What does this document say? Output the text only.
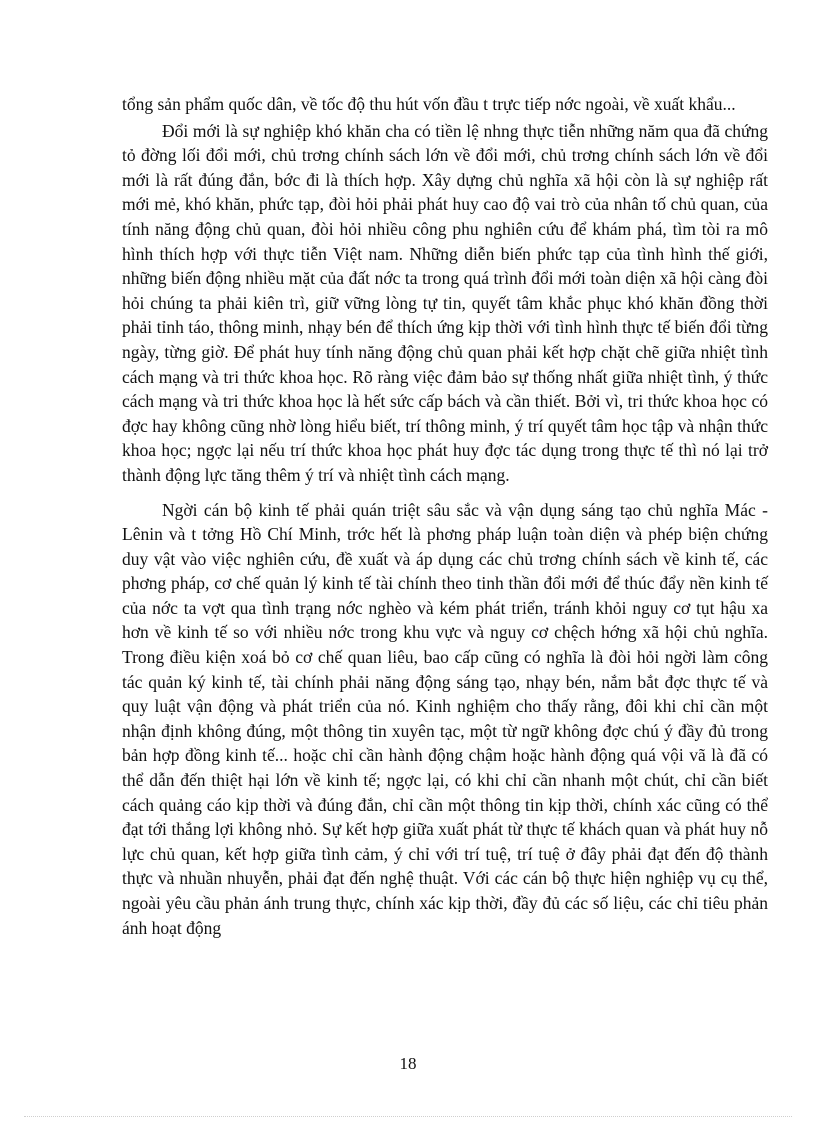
tổng sản phẩm quốc dân, về tốc độ thu hút vốn đầu t trực tiếp nớc ngoài, về xuất khẩu...

Đổi mới là sự nghiệp khó khăn cha có tiền lệ nhng thực tiễn những năm qua đã chứng tỏ đờng lối đổi mới, chủ trơng chính sách lớn về đổi mới, chủ trơng chính sách lớn về đổi mới là rất đúng đắn, bớc đi là thích hợp. Xây dựng chủ nghĩa xã hội còn là sự nghiệp rất mới mẻ, khó khăn, phức tạp, đòi hỏi phải phát huy cao độ vai trò của nhân tố chủ quan, của tính năng động chủ quan, đòi hỏi nhiều công phu nghiên cứu để khám phá, tìm tòi ra mô hình thích hợp với thực tiễn Việt nam. Những diễn biến phức tạp của tình hình thế giới, những biến động nhiều mặt của đất nớc ta trong quá trình đổi mới toàn diện xã hội càng đòi hỏi chúng ta phải kiên trì, giữ vững lòng tự tin, quyết tâm khắc phục khó khăn đồng thời phải tỉnh táo, thông minh, nhạy bén để thích ứng kịp thời với tình hình thực tế biến đổi từng ngày, từng giờ. Để phát huy tính năng động chủ quan phải kết hợp chặt chẽ giữa nhiệt tình cách mạng và tri thức khoa học. Rõ ràng việc đảm bảo sự thống nhất giữa nhiệt tình, ý thức cách mạng và tri thức khoa học là hết sức cấp bách và cần thiết. Bởi vì, tri thức khoa học có đợc hay không cũng nhờ lòng hiểu biết, trí thông minh, ý trí quyết tâm học tập và nhận thức khoa học; ngợc lại nếu trí thức khoa học phát huy đợc tác dụng trong thực tế thì nó lại trở thành động lực tăng thêm ý trí và nhiệt tình cách mạng.

Ngời cán bộ kinh tế phải quán triệt sâu sắc và vận dụng sáng tạo chủ nghĩa Mác - Lênin và t tởng Hồ Chí Minh, trớc hết là phơng pháp luận toàn diện và phép biện chứng duy vật vào việc nghiên cứu, đề xuất và áp dụng các chủ trơng chính sách về kinh tế, các phơng pháp, cơ chế quản lý kinh tế tài chính theo tinh thần đổi mới để thúc đẩy nền kinh tế của nớc ta vợt qua tình trạng nớc nghèo và kém phát triển, tránh khỏi nguy cơ tụt hậu xa hơn về kinh tế so với nhiều nớc trong khu vực và nguy cơ chệch hớng xã hội chủ nghĩa. Trong điều kiện xoá bỏ cơ chế quan liêu, bao cấp cũng có nghĩa là đòi hỏi ngời làm công tác quản ký kinh tế, tài chính phải năng động sáng tạo, nhạy bén, nắm bắt đợc thực tế và quy luật vận động và phát triển của nó. Kinh nghiệm cho thấy rằng, đôi khi chỉ cần một nhận định không đúng, một thông tin xuyên tạc, một từ ngữ không đợc chú ý đầy đủ trong bản hợp đồng kinh tế... hoặc chỉ cần hành động chậm hoặc hành động quá vội vã là đã có thể dẫn đến thiệt hại lớn về kinh tế; ngợc lại, có khi chỉ cần nhanh một chút, chỉ cần biết cách quảng cáo kịp thời và đúng đắn, chỉ cần một thông tin kịp thời, chính xác cũng có thể đạt tới thắng lợi không nhỏ. Sự kết hợp giữa xuất phát từ thực tế khách quan và phát huy nỗ lực chủ quan, kết hợp giữa tình cảm, ý chỉ với trí tuệ, trí tuệ ở đây phải đạt đến độ thành thực và nhuần nhuyễn, phải đạt đến nghệ thuật. Với các cán bộ thực hiện nghiệp vụ cụ thể, ngoài yêu cầu phản ánh trung thực, chính xác kịp thời, đầy đủ các số liệu, các chỉ tiêu phản ánh hoạt động

18
